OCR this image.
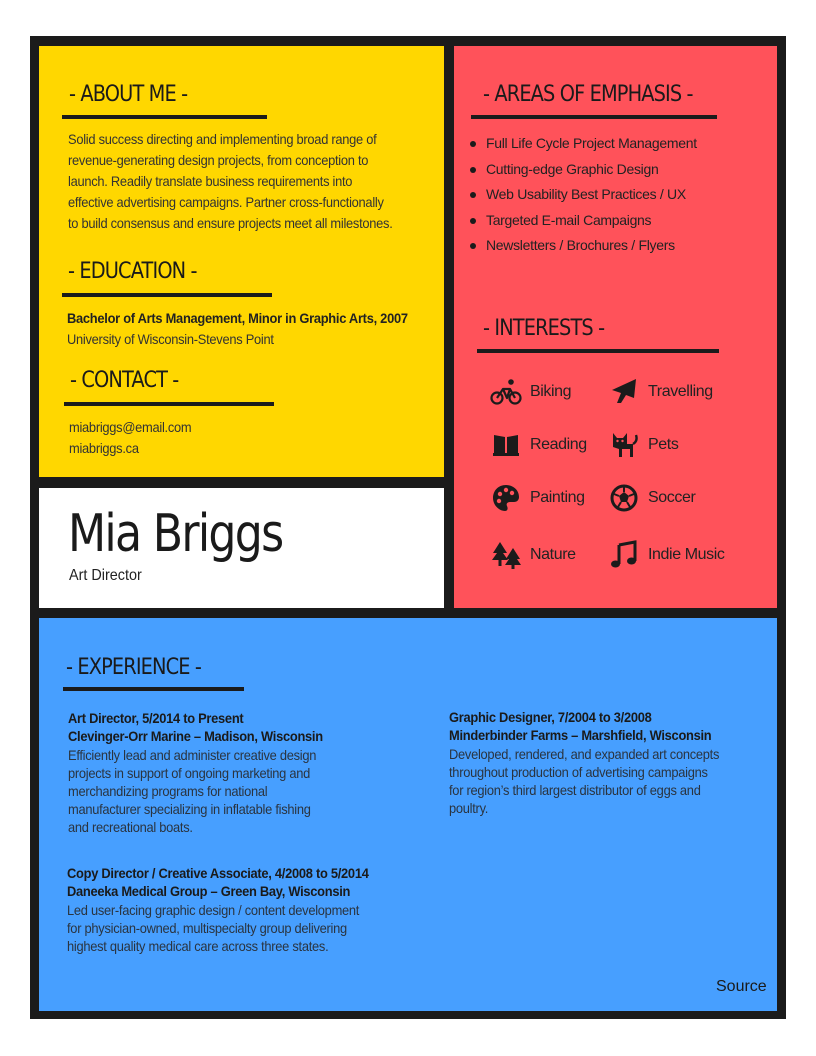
- ABOUT ME -

Solid success directing and implementing broad range of

revenue-generating design projects, from conception to

launch. Readily translate business requirements into

effective advertising campaigns. Partner cross-functionally

to build consensus and ensure projects meet all milestones.

- EDUCATION -

Bachelor of Arts Management, Minor in Graphic Arts, 2007

University of Wisconsin-Stevens Point

- CONTACT -

miabriggs@email.com

miabriggs.ca

Mia Briggs
Art Director
- AREAS OF EMPHASIS -
Full Life Cycle Project Management
Cutting-edge Graphic Design
Web Usability Best Practices / UX
Targeted E-mail Campaigns
Newsletters / Brochures / Flyers
- INTERESTS -
Biking	Travelling
Reading	Pets
Painting	Soccer
Nature	Indie Music
- EXPERIENCE -

Art Director, 5/2014 to Present

Clevinger-Orr Marine – Madison, Wisconsin

Efficiently lead and administer creative design

projects in support of ongoing marketing and

merchandizing programs for national

manufacturer specializing in inflatable fishing

and recreational boats.

Graphic Designer, 7/2004 to 3/2008

Minderbinder Farms – Marshfield, Wisconsin

Developed, rendered, and expanded art concepts

throughout production of advertising campaigns

for region’s third largest distributor of eggs and

poultry.

Copy Director / Creative Associate, 4/2008 to 5/2014

Daneeka Medical Group – Green Bay, Wisconsin

Led user-facing graphic design / content development

for physician-owned, multispecialty group delivering

highest quality medical care across three states.

Source
